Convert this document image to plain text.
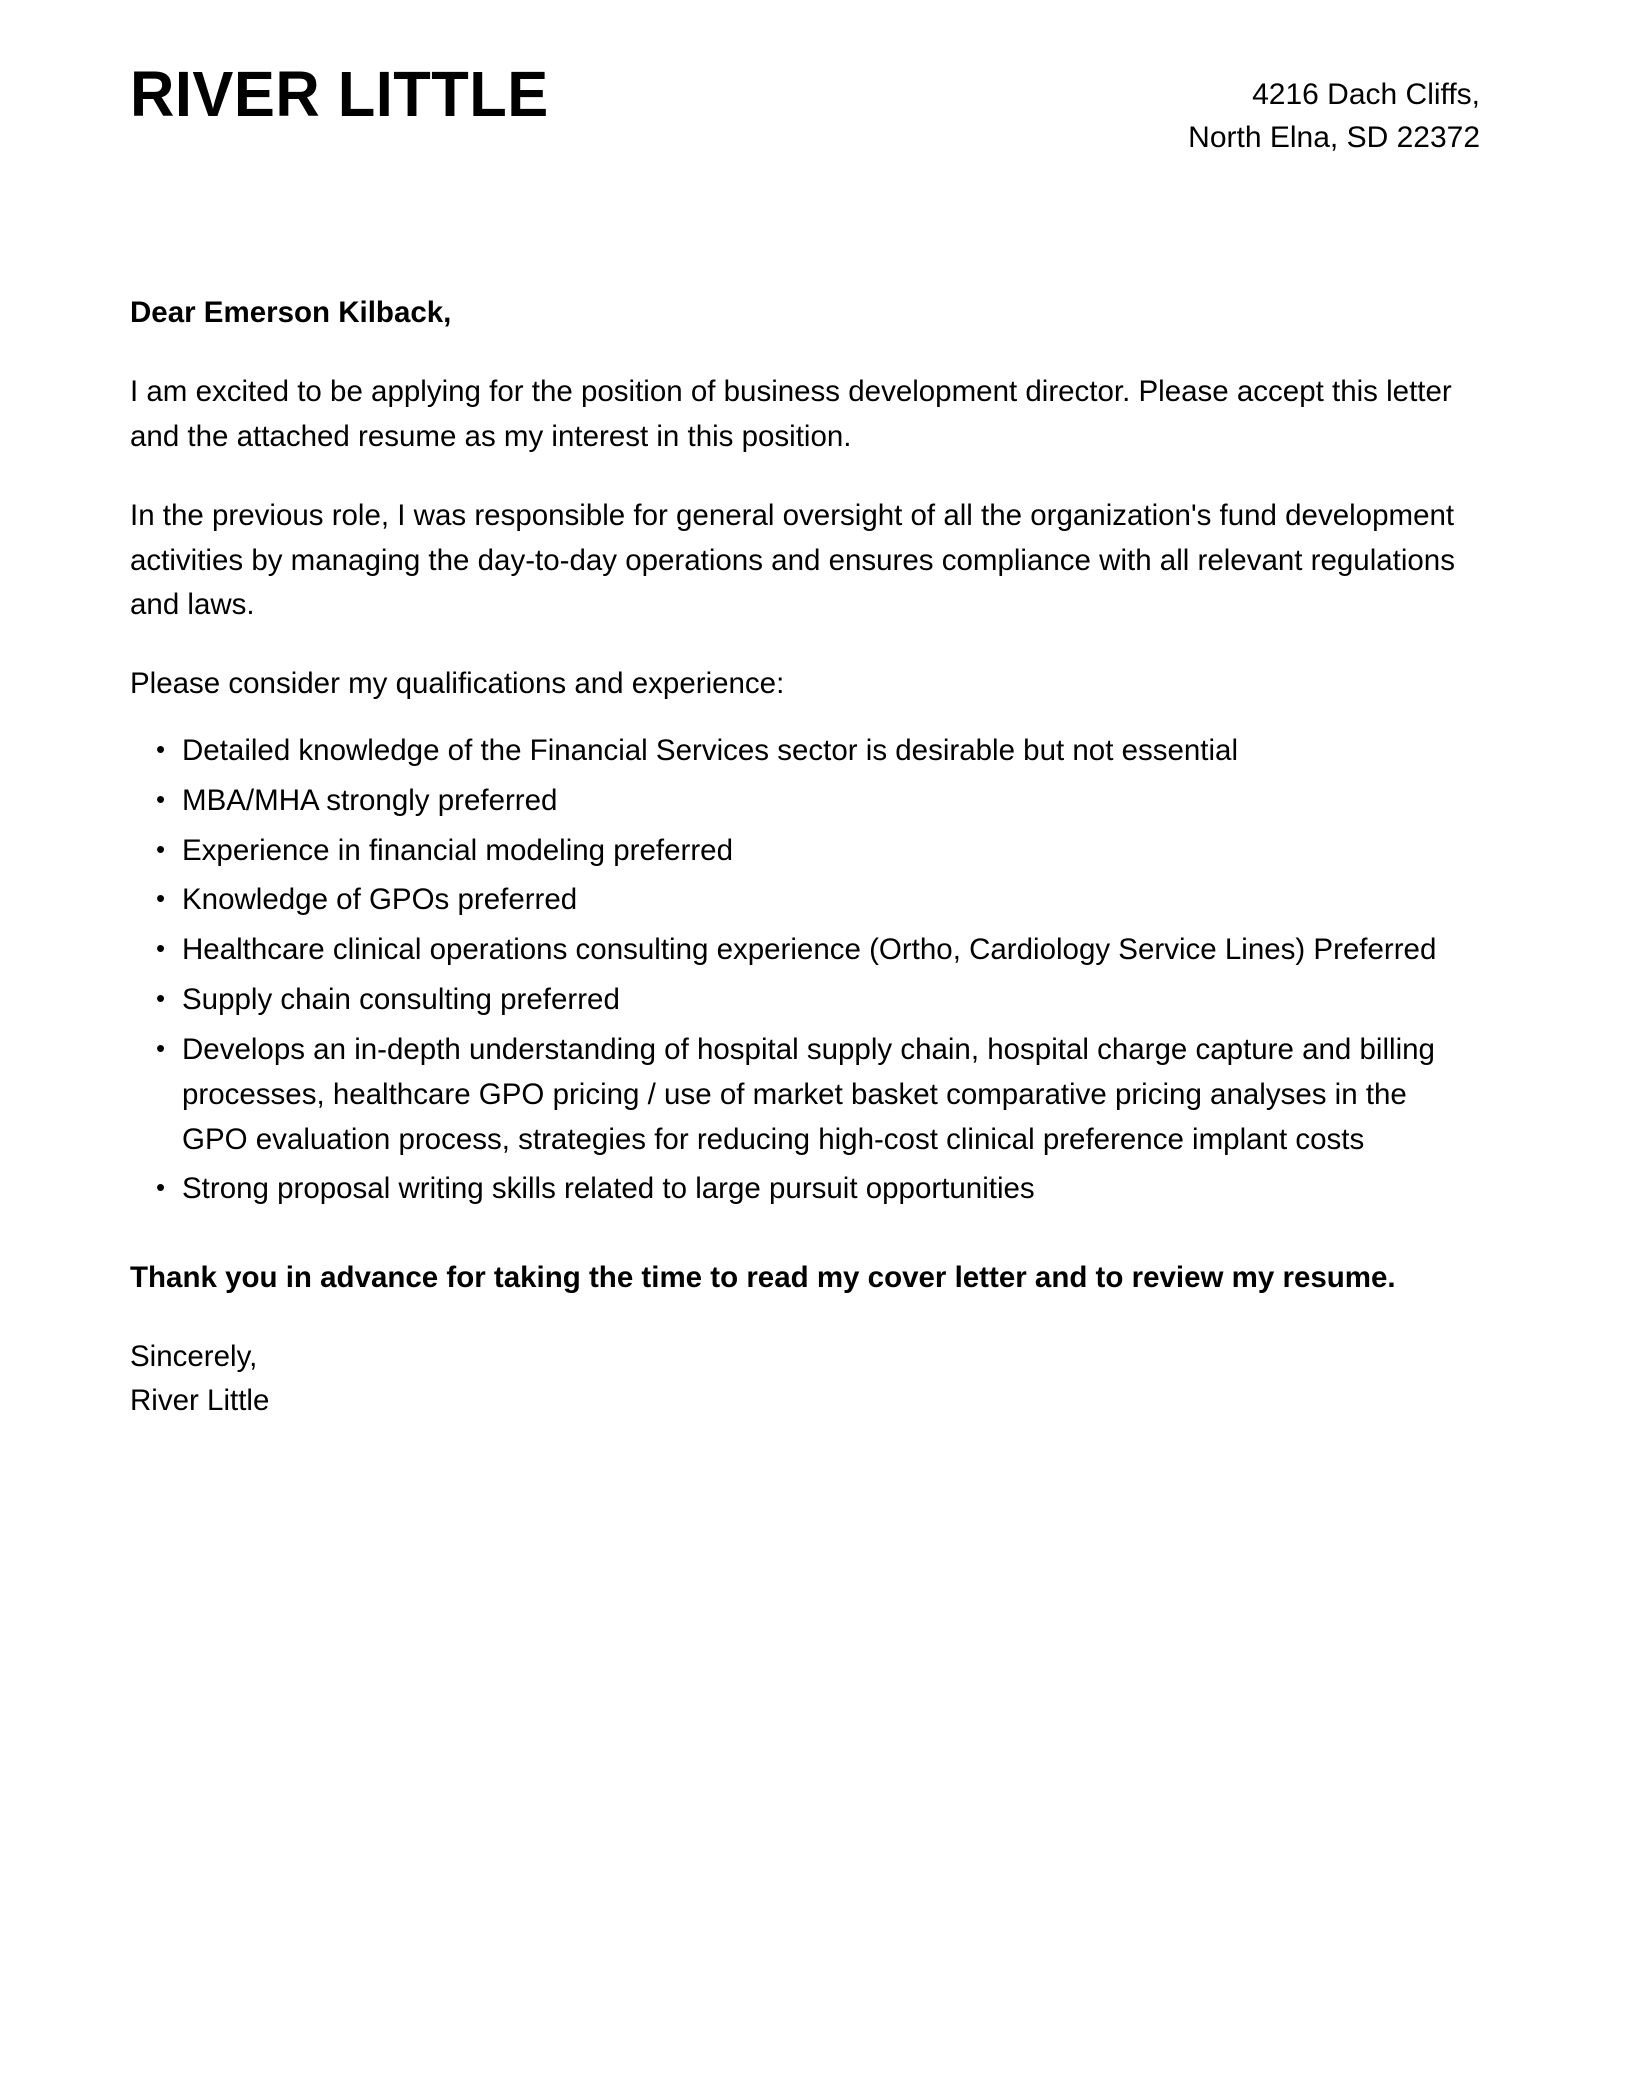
RIVER LITTLE	4216 Dach Cliffs,
North Elna, SD 22372

Dear Emerson Kilback,

I am excited to be applying for the position of business development director. Please accept this letter and the attached resume as my interest in this position.

In the previous role, I was responsible for general oversight of all the organization's fund development activities by managing the day-to-day operations and ensures compliance with all relevant regulations and laws.

Please consider my qualifications and experience:

• Detailed knowledge of the Financial Services sector is desirable but not essential
• MBA/MHA strongly preferred
• Experience in financial modeling preferred
• Knowledge of GPOs preferred
• Healthcare clinical operations consulting experience (Ortho, Cardiology Service Lines) Preferred
• Supply chain consulting preferred
• Develops an in-depth understanding of hospital supply chain, hospital charge capture and billing processes, healthcare GPO pricing / use of market basket comparative pricing analyses in the GPO evaluation process, strategies for reducing high-cost clinical preference implant costs
• Strong proposal writing skills related to large pursuit opportunities

Thank you in advance for taking the time to read my cover letter and to review my resume.

Sincerely,
River Little
